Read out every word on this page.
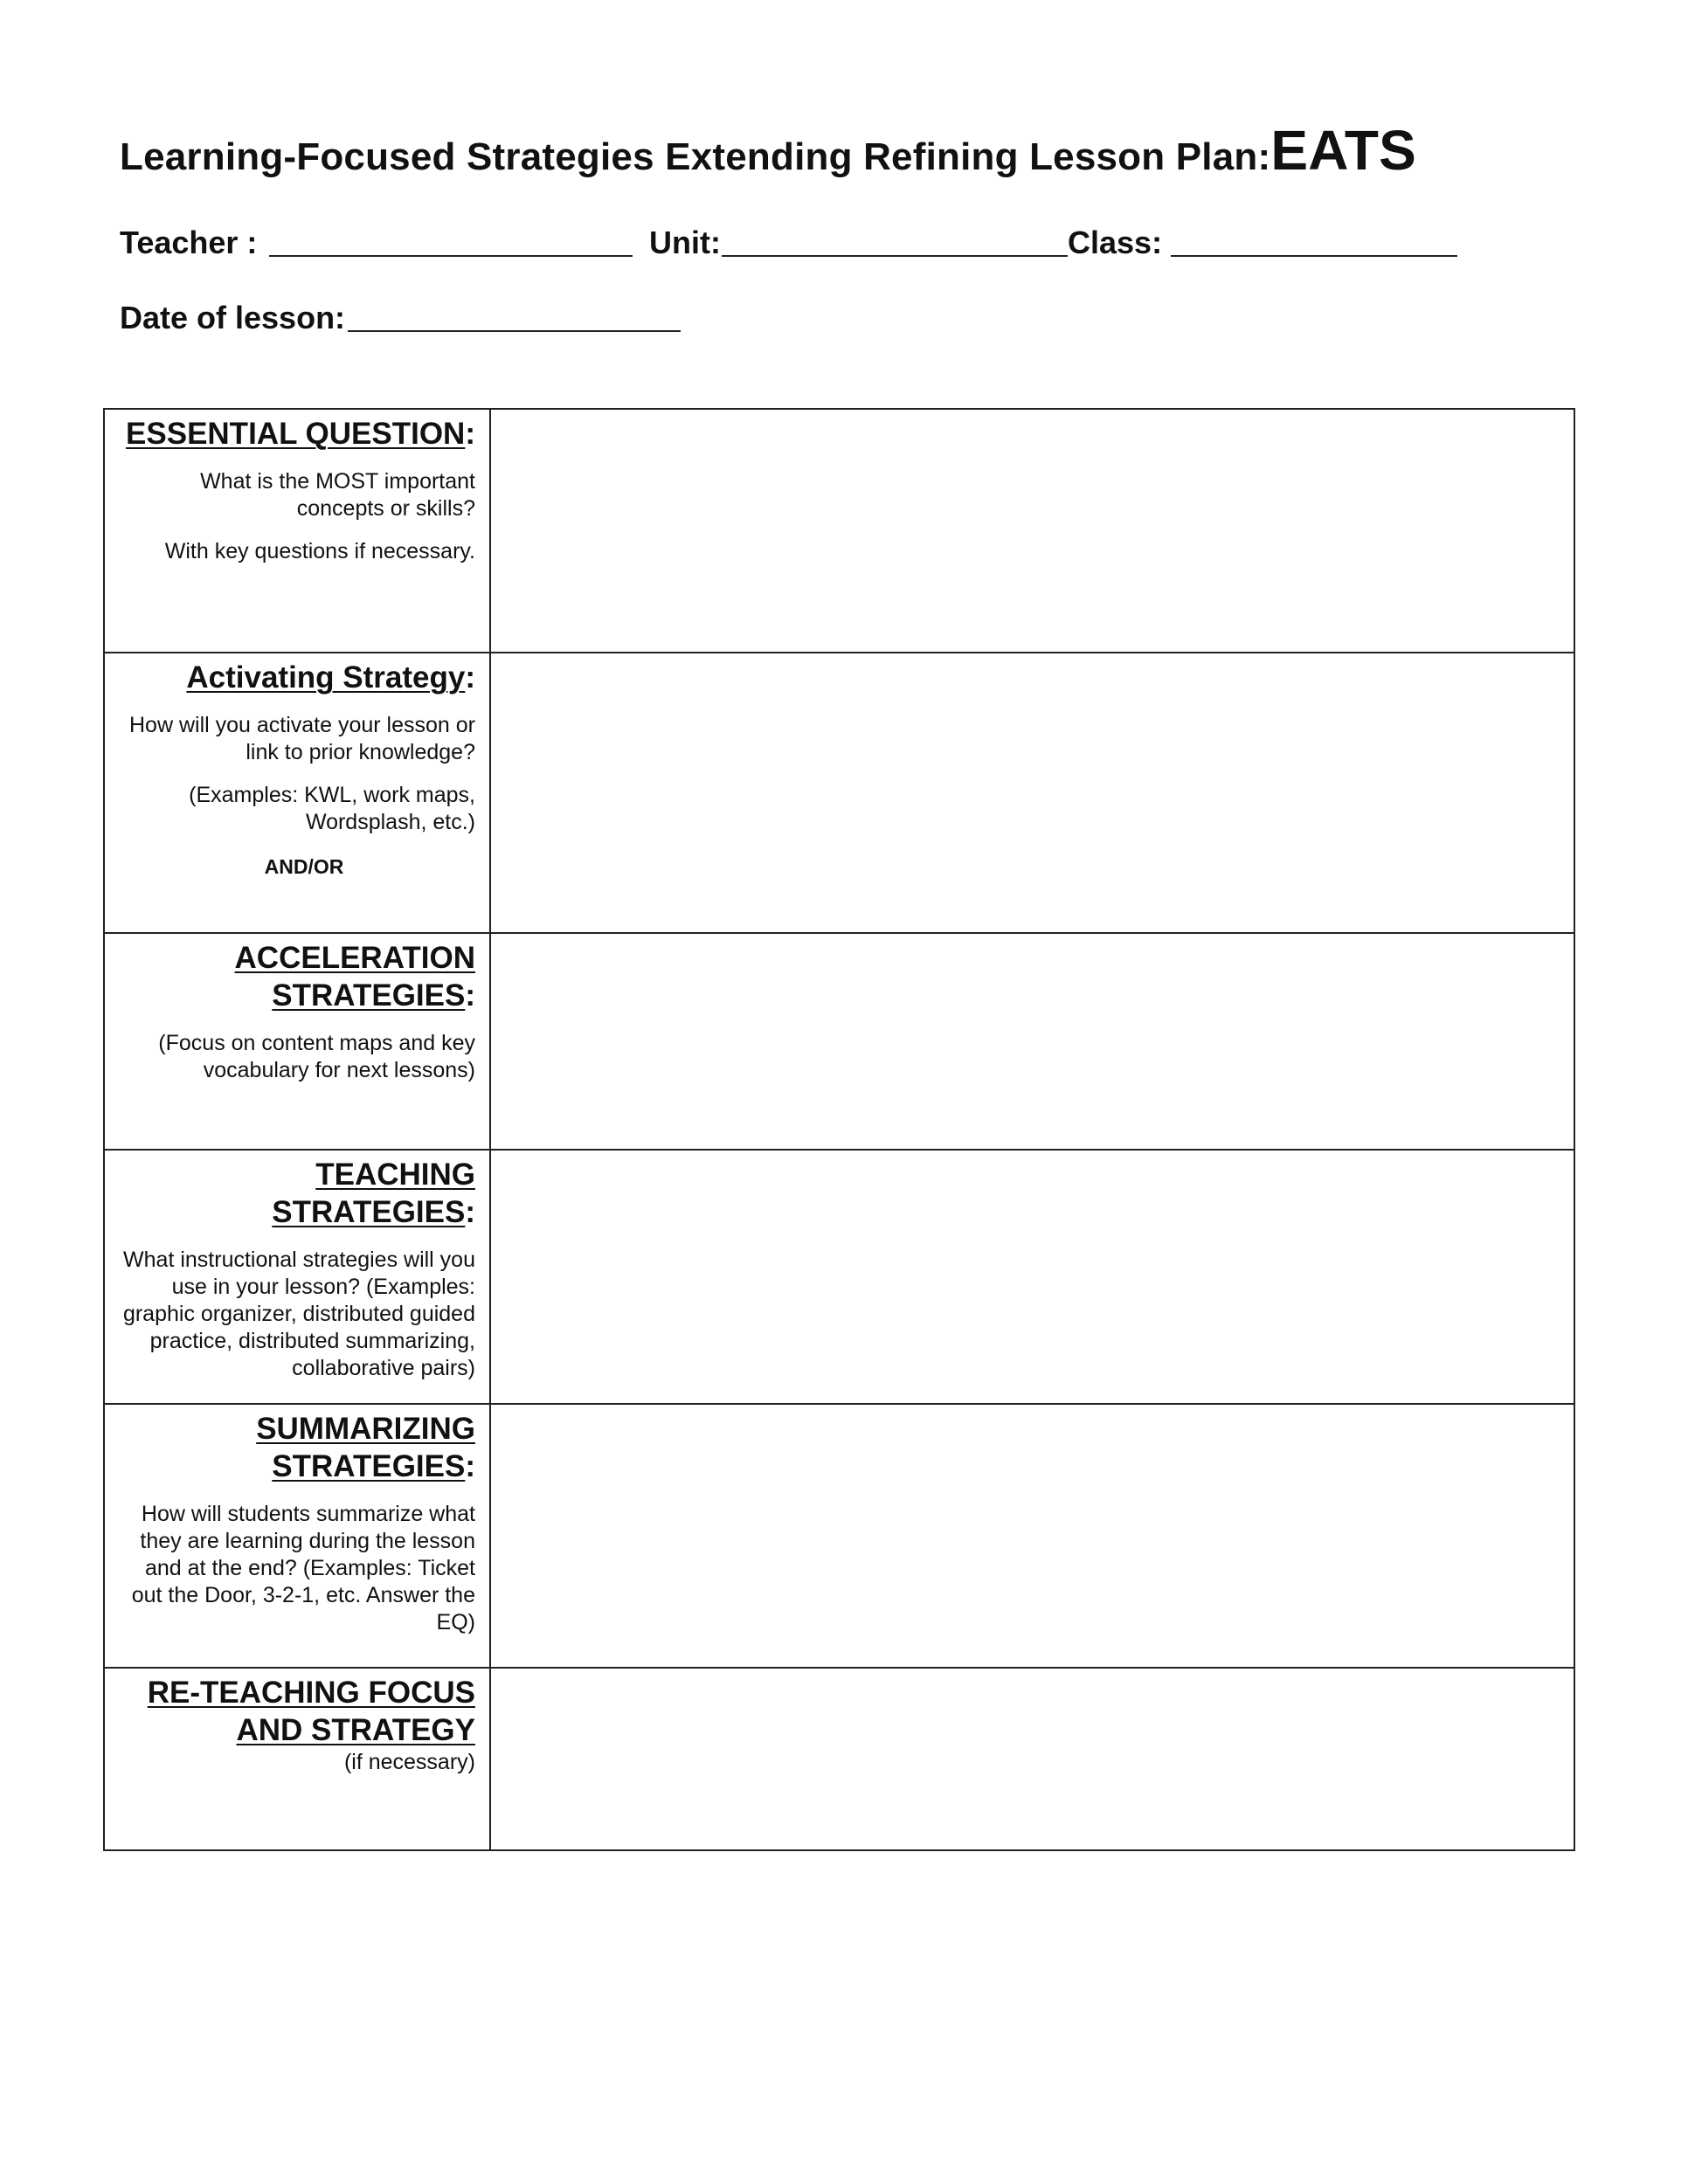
Learning-Focused Strategies Extending Refining Lesson Plan:EATS
Teacher :	Unit:	Class:
Date of lesson:
ESSENTIAL QUESTION:
What is the MOST important concepts or skills?
With key questions if necessary.	

Activating Strategy:
How will you activate your lesson or link to prior knowledge?
(Examples: KWL, work maps, Wordsplash, etc.)
AND/OR	

ACCELERATION STRATEGIES:
(Focus on content maps and key vocabulary for next lessons)	

TEACHING STRATEGIES:
What instructional strategies will you use in your lesson? (Examples: graphic organizer, distributed guided practice, distributed summarizing, collaborative pairs)	

SUMMARIZING STRATEGIES:
How will students summarize what they are learning during the lesson and at the end? (Examples: Ticket out the Door, 3-2-1, etc. Answer the EQ)	

RE-TEACHING FOCUS AND STRATEGY
(if necessary)	
